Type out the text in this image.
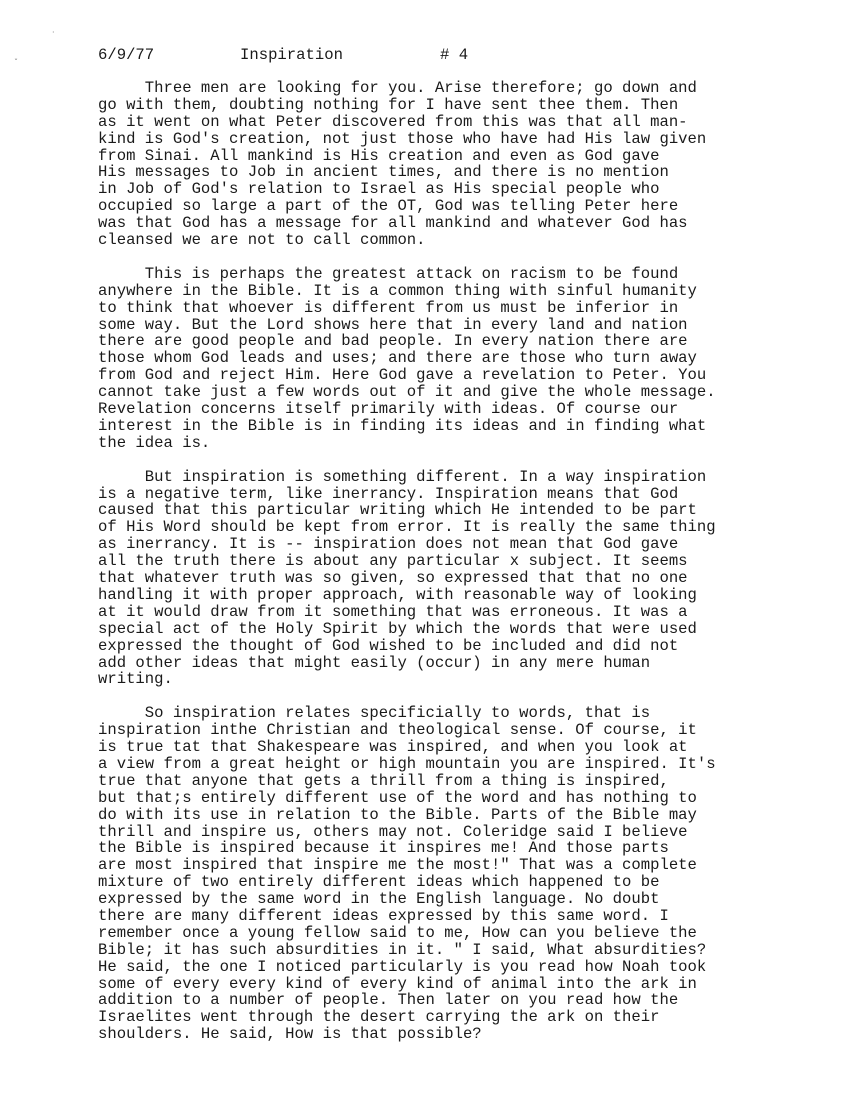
·
ˇ

	6/9/77

	Inspiration

	# 4

Three men are looking for you. Arise therefore; go down and
go with them, doubting nothing for I have sent thee them. Then
as it went on what Peter discovered from this was that all man-
kind is God's creation, not just those who have had His law given
from Sinai. All mankind is His creation and even as God gave
His messages to Job in ancient times, and there is no mention
in Job of God's relation to Israel as His special people who
occupied so large a part of the OT, God was telling Peter here
was that God has a message for all mankind and whatever God has
cleansed we are not to call common.
This is perhaps the greatest attack on racism to be found
anywhere in the Bible. It is a common thing with sinful humanity
to think that whoever is different from us must be inferior in
some way. But the Lord shows here that in every land and nation
there are good people and bad people. In every nation there are
those whom God leads and uses; and there are those who turn away
from God and reject Him. Here God gave a revelation to Peter. You
cannot take just a few words out of it and give the whole message.
Revelation concerns itself primarily with ideas. Of course our
interest in the Bible is in finding its ideas and in finding what
the idea is.
But inspiration is something different. In a way inspiration
is a negative term, like inerrancy. Inspiration means that God
caused that this particular writing which He intended to be part
of His Word should be kept from error. It is really the same thing
as inerrancy. It is -- inspiration does not mean that God gave
all the truth there is about any particular x subject. It seems
that whatever truth was so given, so expressed that that no one
handling it with proper approach, with reasonable way of looking
at it would draw from it something that was erroneous. It was a
special act of the Holy Spirit by which the words that were used
expressed the thought of God wished to be included and did not
add other ideas that might easily (occur) in any mere human
writing.
So inspiration relates specificially to words, that is
inspiration inthe Christian and theological sense. Of course, it
is true tat that Shakespeare was inspired, and when you look at
a view from a great height or high mountain you are inspired. It's
true that anyone that gets a thrill from a thing is inspired,
but that;s entirely different use of the word and has nothing to
do with its use in relation to the Bible. Parts of the Bible may
thrill and inspire us, others may not. Coleridge said I believe
the Bible is inspired because it inspires me! And those parts
are most inspired that inspire me the most!" That was a complete
mixture of two entirely different ideas which happened to be
expressed by the same word in the English language. No doubt
there are many different ideas expressed by this same word. I
remember once a young fellow said to me, How can you believe the
Bible; it has such absurdities in it. " I said, What absurdities?
He said, the one I noticed particularly is you read how Noah took
some of every every kind of every kind of animal into the ark in
addition to a number of people. Then later on you read how the
Israelites went through the desert carrying the ark on their
shoulders. He said, How is that possible?
